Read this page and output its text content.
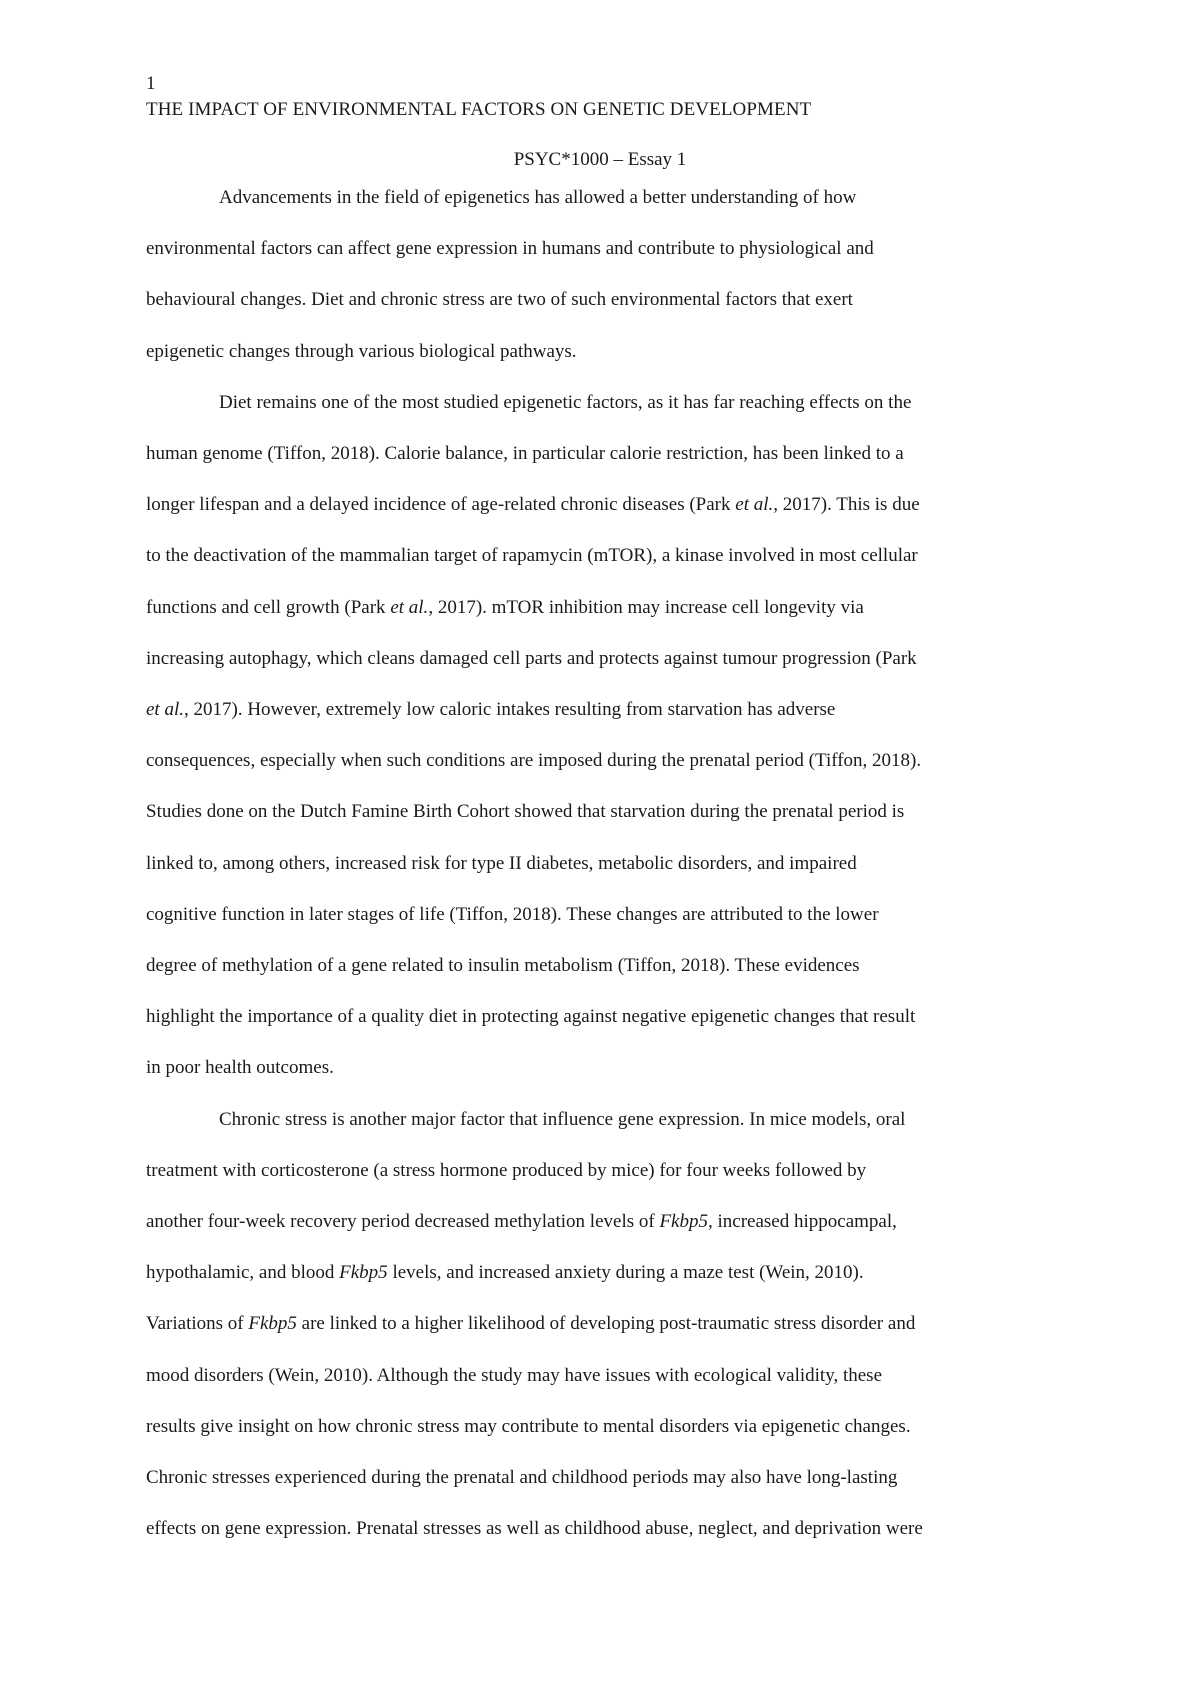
1
THE IMPACT OF ENVIRONMENTAL FACTORS ON GENETIC DEVELOPMENT
PSYC*1000 – Essay 1
Advancements in the field of epigenetics has allowed a better understanding of how
environmental factors can affect gene expression in humans and contribute to physiological and
behavioural changes. Diet and chronic stress are two of such environmental factors that exert
epigenetic changes through various biological pathways.
Diet remains one of the most studied epigenetic factors, as it has far reaching effects on the
human genome (Tiffon, 2018). Calorie balance, in particular calorie restriction, has been linked to a
longer lifespan and a delayed incidence of age-related chronic diseases (Park et al., 2017). This is due
to the deactivation of the mammalian target of rapamycin (mTOR), a kinase involved in most cellular
functions and cell growth (Park et al., 2017). mTOR inhibition may increase cell longevity via
increasing autophagy, which cleans damaged cell parts and protects against tumour progression (Park
et al., 2017). However, extremely low caloric intakes resulting from starvation has adverse
consequences, especially when such conditions are imposed during the prenatal period (Tiffon, 2018).
Studies done on the Dutch Famine Birth Cohort showed that starvation during the prenatal period is
linked to, among others, increased risk for type II diabetes, metabolic disorders, and impaired
cognitive function in later stages of life (Tiffon, 2018). These changes are attributed to the lower
degree of methylation of a gene related to insulin metabolism (Tiffon, 2018). These evidences
highlight the importance of a quality diet in protecting against negative epigenetic changes that result
in poor health outcomes.
Chronic stress is another major factor that influence gene expression. In mice models, oral
treatment with corticosterone (a stress hormone produced by mice) for four weeks followed by
another four-week recovery period decreased methylation levels of Fkbp5, increased hippocampal,
hypothalamic, and blood Fkbp5 levels, and increased anxiety during a maze test (Wein, 2010).
Variations of Fkbp5 are linked to a higher likelihood of developing post-traumatic stress disorder and
mood disorders (Wein, 2010). Although the study may have issues with ecological validity, these
results give insight on how chronic stress may contribute to mental disorders via epigenetic changes.
Chronic stresses experienced during the prenatal and childhood periods may also have long-lasting
effects on gene expression. Prenatal stresses as well as childhood abuse, neglect, and deprivation were
